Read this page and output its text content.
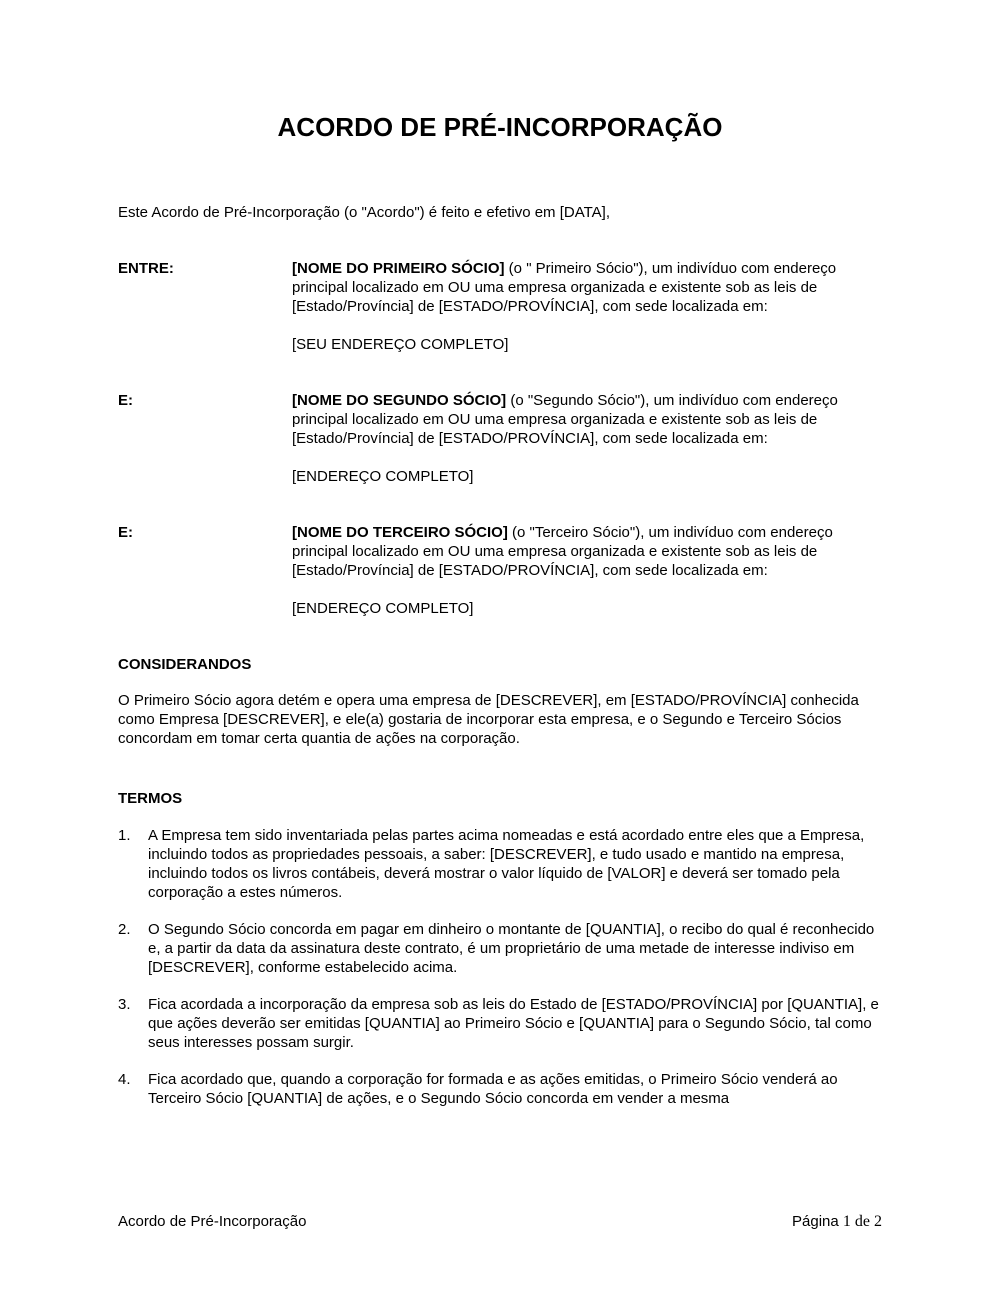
ACORDO DE PRÉ-INCORPORAÇÃO

Este Acordo de Pré-Incorporação (o "Acordo") é feito e efetivo em [DATA],

ENTRE:	[NOME DO PRIMEIRO SÓCIO] (o " Primeiro Sócio"), um indivíduo com endereço principal localizado em OU uma empresa organizada e existente sob as leis de [Estado/Província] de [ESTADO/PROVÍNCIA], com sede localizada em:

[SEU ENDEREÇO COMPLETO]

E:	[NOME DO SEGUNDO SÓCIO] (o "Segundo Sócio"), um indivíduo com endereço principal localizado em OU uma empresa organizada e existente sob as leis de [Estado/Província] de [ESTADO/PROVÍNCIA], com sede localizada em:

[ENDEREÇO COMPLETO]

E:	[NOME DO TERCEIRO SÓCIO] (o "Terceiro Sócio"), um indivíduo com endereço principal localizado em OU uma empresa organizada e existente sob as leis de [Estado/Província] de [ESTADO/PROVÍNCIA], com sede localizada em:

[ENDEREÇO COMPLETO]

CONSIDERANDOS

O Primeiro Sócio agora detém e opera uma empresa de [DESCREVER], em [ESTADO/PROVÍNCIA] conhecida como Empresa [DESCREVER], e ele(a) gostaria de incorporar esta empresa, e o Segundo e Terceiro Sócios concordam em tomar certa quantia de ações na corporação.

TERMOS
1.	A Empresa tem sido inventariada pelas partes acima nomeadas e está acordado entre eles que a Empresa, incluindo todos as propriedades pessoais, a saber: [DESCREVER], e tudo usado e mantido na empresa, incluindo todos os livros contábeis, deverá mostrar o valor líquido de [VALOR] e deverá ser tomado pela corporação a estes números.
2.	O Segundo Sócio concorda em pagar em dinheiro o montante de [QUANTIA], o recibo do qual é reconhecido e, a partir da data da assinatura deste contrato, é um proprietário de uma metade de interesse indiviso em [DESCREVER], conforme estabelecido acima.
3.	Fica acordada a incorporação da empresa sob as leis do Estado de [ESTADO/PROVÍNCIA] por [QUANTIA], e que ações deverão ser emitidas [QUANTIA] ao Primeiro Sócio e [QUANTIA] para o Segundo Sócio, tal como seus interesses possam surgir.
4.	Fica acordado que, quando a corporação for formada e as ações emitidas, o Primeiro Sócio venderá ao Terceiro Sócio [QUANTIA] de ações, e o Segundo Sócio concorda em vender a mesma
Acordo de Pré-Incorporação	Página 1 de 2
